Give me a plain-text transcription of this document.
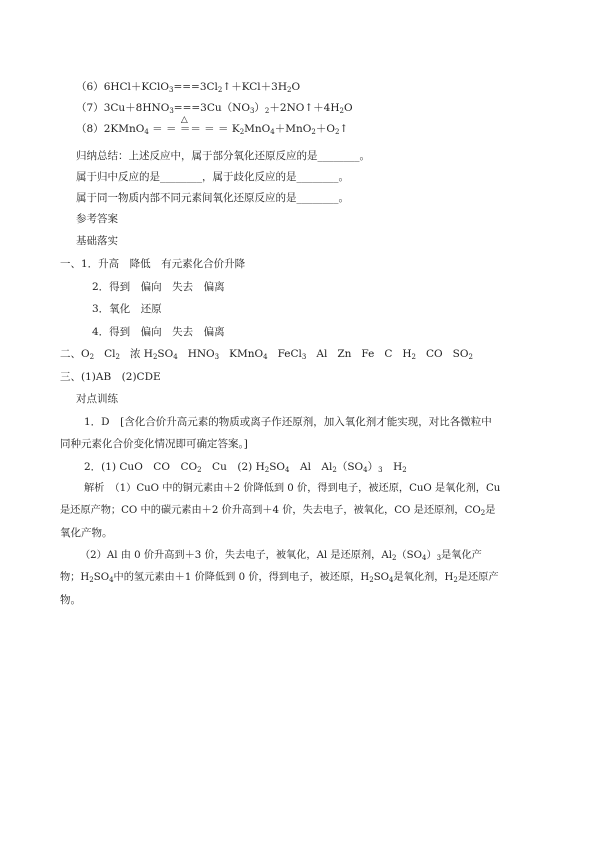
$(6)6HCl+KClO_3===3Cl_2↑+KCl+3H_2O$
$(7)3Cu+8HNO_3===3Cu(NO_3)_2+2NO↑+4H_2O$
（8）2KMnO$_4$ ＝ ＝
△
＝＝ ＝ ＝ $K_2MnO_4+MnO_2+O_2↑$
归纳总结：上述反应中，属于部分氧化还原反应的是________。
属于归中反应的是________，属于歧化反应的是________。
属于同一物质内部不同元素间氧化还原反应的是________。
参考答案
基础落实
一、1．升高　降低　有元素化合价升降
2．得到　偏向　失去　偏离
3．氧化　还原
4．得到　偏向　失去　偏离
二、$O_2$ $Cl_2$ 浓 $H_2SO_4$ $HNO_3$ KMnO$_4$ FeCl$_3$ Al Zn Fe C $H_2$ CO $SO_2$
三、(1)AB　(2)CDE
对点训练
1．D　[含化合价升高元素的物质或离子作还原剂，加入氧化剂才能实现，对比各微粒中
同种元素化合价变化情况即可确定答案。]
2．(1) CuO　CO　$CO_2$　Cu　(2) $H_2SO_4$　Al　$Al_2(SO_4)_3$　$H_2$
解析　（1）CuO 中的铜元素由＋2 价降低到 0 价，得到电子，被还原，CuO 是氧化剂，Cu
是还原产物；CO 中的碳元素由＋2 价升高到＋4 价，失去电子，被氧化，CO 是还原剂，$CO_2$是
氧化产物。
（2）Al 由 0 价升高到＋3 价，失去电子，被氧化，Al 是还原剂，$Al_2(SO_4)_3$是氧化产
物；$H_2SO_4$中的氢元素由＋1 价降低到 0 价，得到电子，被还原，$H_2SO_4$是氧化剂，$H_2$是还原产
物。
